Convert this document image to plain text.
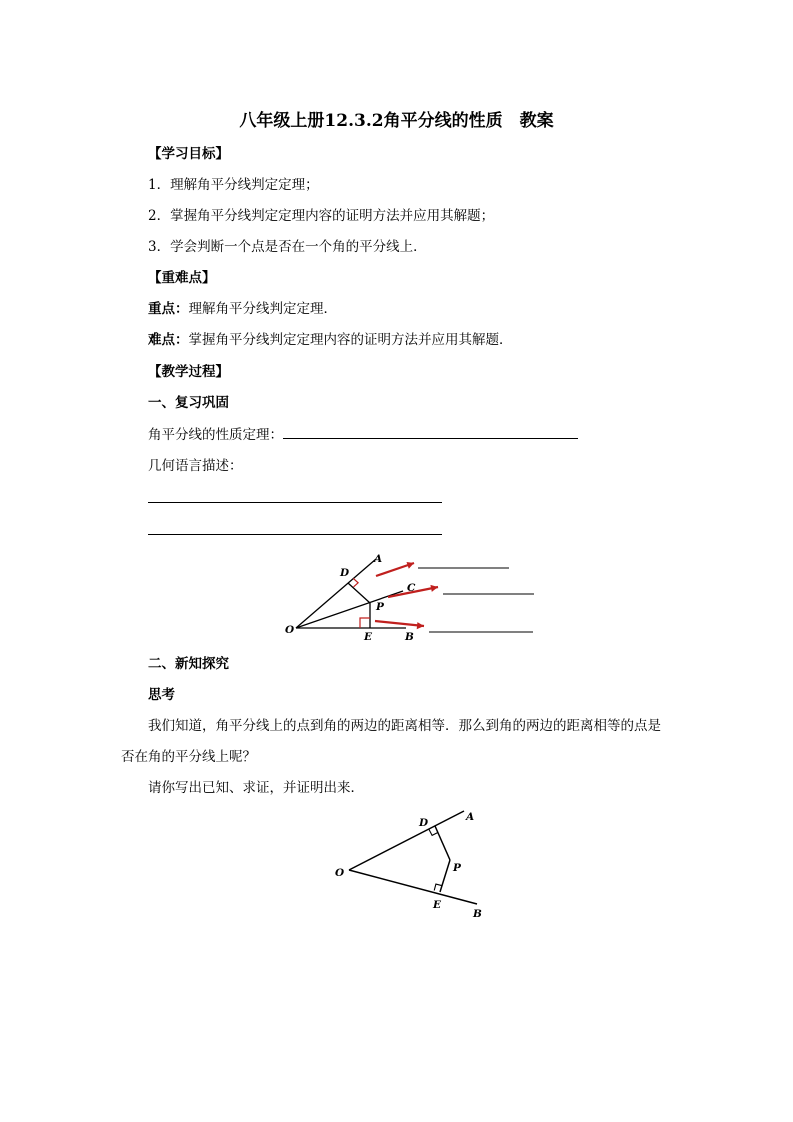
八年级上册12.3.2角平分线的性质　教案
【学习目标】
1．理解角平分线判定定理；
2．掌握角平分线判定定理内容的证明方法并应用其解题；
3．学会判断一个点是否在一个角的平分线上．
【重难点】
重点：理解角平分线判定定理．
难点：掌握角平分线判定定理内容的证明方法并应用其解题．
【教学过程】
一、复习巩固
角平分线的性质定理：
几何语言描述：
O
A
C
D
P
E	B
二、新知探究
思考
我们知道，角平分线上的点到角的两边的距离相等．那么到角的两边的距离相等的点是
否在角的平分线上呢？
请你写出已知、求证，并证明出来．
O
D	A
P
E
B
